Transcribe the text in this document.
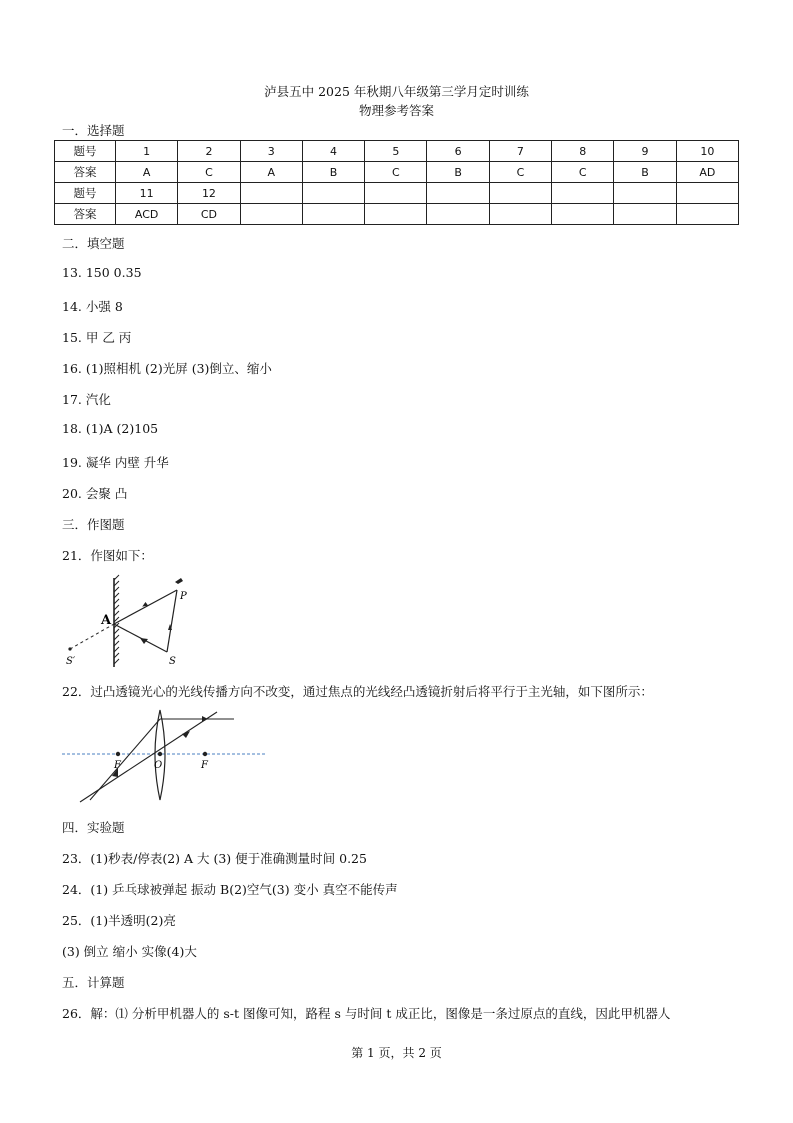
泸县五中 2025 年秋期八年级第三学月定时训练
物理参考答案
一．选择题
题号	1	2	3	4	5	6	7	8	9	10
答案	A	C	A	B	C	B	C	C	B	AD
题号	11	12								
答案	ACD	CD								
二．填空题
13. 150 0.35
14. 小强 8
15. 甲 乙 丙
16. (1)照相机 (2)光屏 (3)倒立、缩小
17. 汽化
18. (1)A (2)105
19. 凝华 内壁 升华
20. 会聚 凸
三．作图题
21．作图如下：
A
P
S
S′
22．过凸透镜光心的光线传播方向不改变，通过焦点的光线经凸透镜折射后将平行于主光轴，如下图所示：
F	O	F
四．实验题
23．(1)秒表/停表(2) A 大 (3) 便于准确测量时间 0.25
24．(1) 乒乓球被弹起 振动 B(2)空气(3) 变小 真空不能传声
25．(1)半透明(2)亮
(3) 倒立 缩小 实像(4)大
五．计算题
26．解：⑴ 分析甲机器人的 s-t 图像可知，路程 s 与时间 t 成正比，图像是一条过原点的直线，因此甲机器人
第 1 页，共 2 页
